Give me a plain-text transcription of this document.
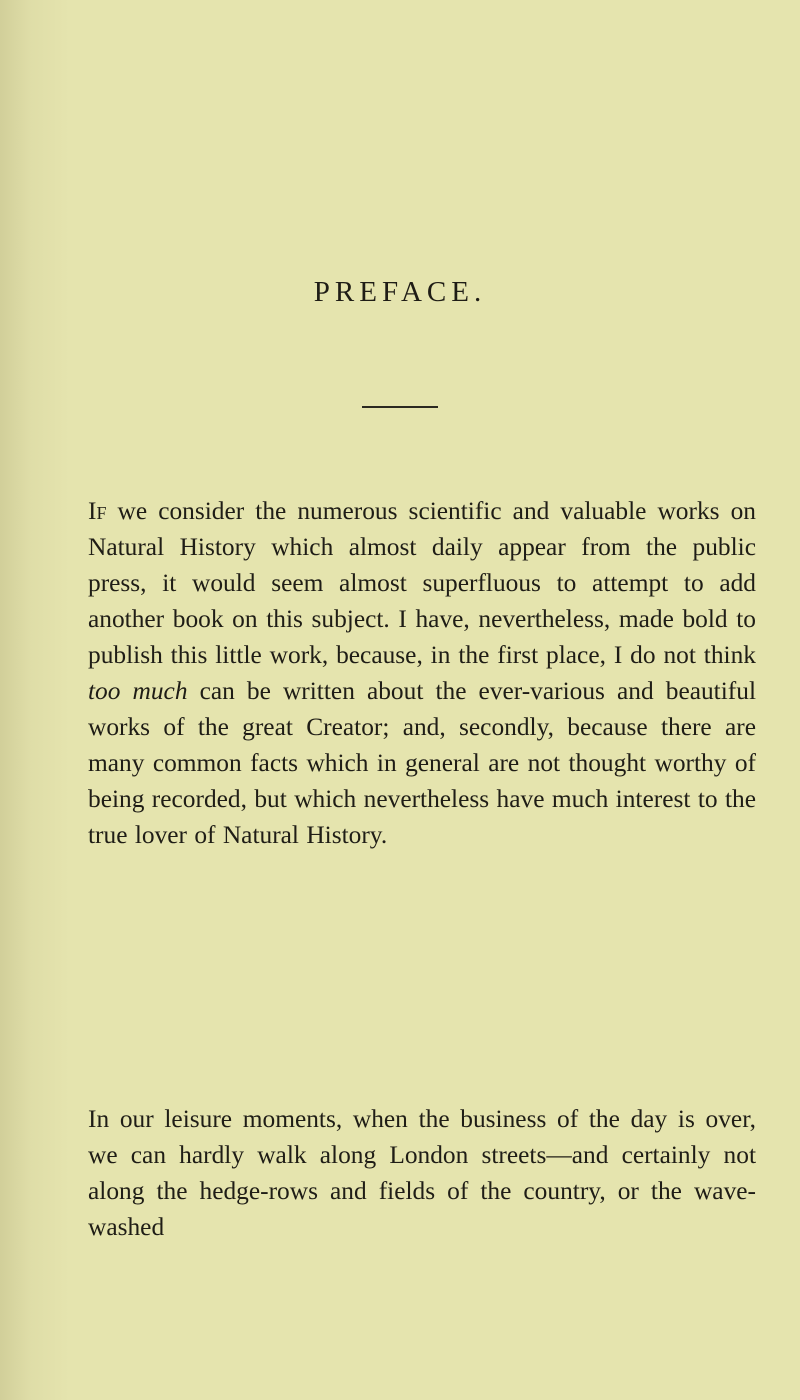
PREFACE.

If we consider the numerous scientific and valuable works on Natural History which almost daily appear from the public press, it would seem almost superfluous to attempt to add another book on this subject. I have, nevertheless, made bold to publish this little work, because, in the first place, I do not think too much can be written about the ever-various and beautiful works of the great Creator; and, secondly, because there are many common facts which in general are not thought worthy of being recorded, but which nevertheless have much interest to the true lover of Natural History.

In our leisure moments, when the business of the day is over, we can hardly walk along London streets—and certainly not along the hedge-rows and fields of the country, or the wave-washed
